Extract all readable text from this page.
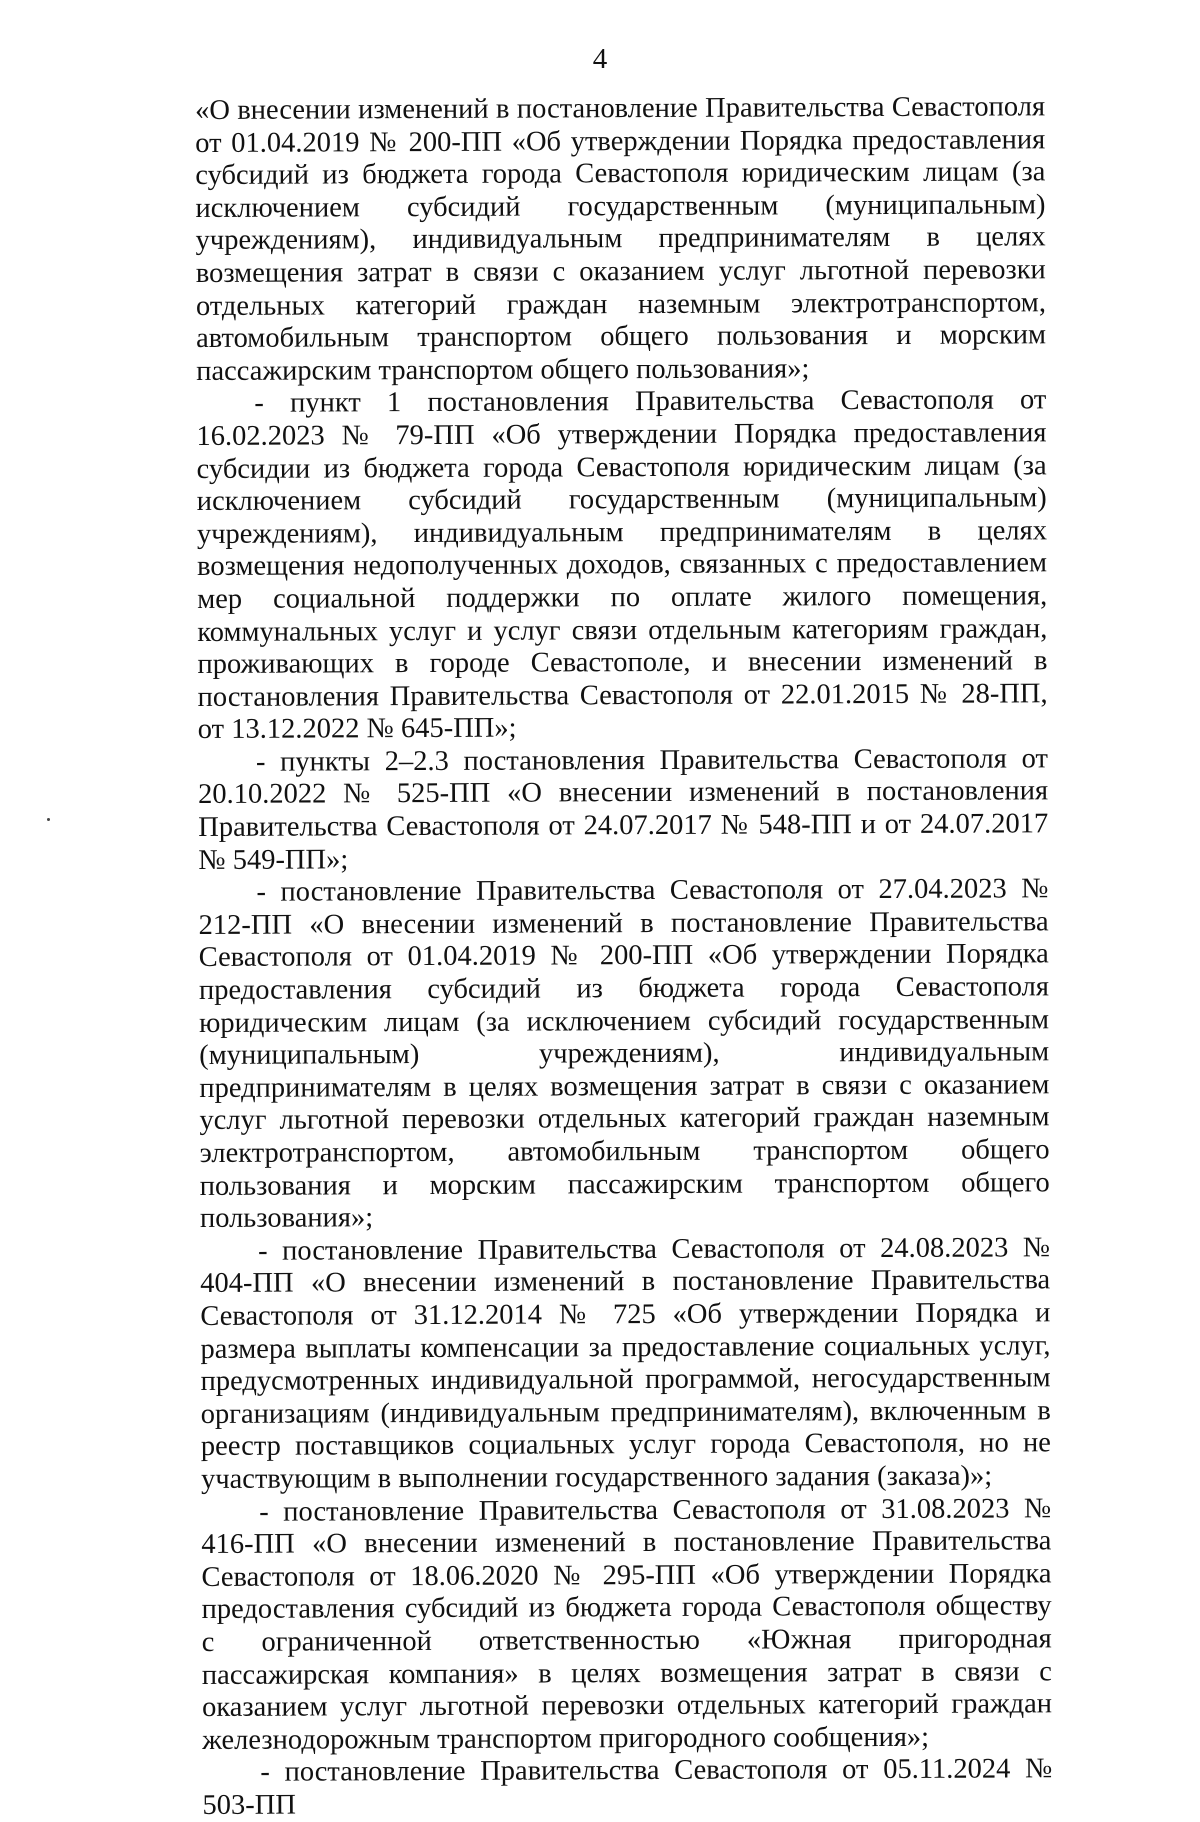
4

«О внесении изменений в постановление Правительства Севастополя от 01.04.2019 № 200-ПП «Об утверждении Порядка предоставления субсидий из бюджета города Севастополя юридическим лицам (за исключением субсидий государственным (муниципальным) учреждениям), индивидуальным предпринимателям в целях возмещения затрат в связи с оказанием услуг льготной перевозки отдельных категорий граждан наземным электротранспортом, автомобильным транспортом общего пользования и морским пассажирским транспортом общего пользования»;

- пункт 1 постановления Правительства Севастополя от 16.02.2023 № 79-ПП «Об утверждении Порядка предоставления субсидии из бюджета города Севастополя юридическим лицам (за исключением субсидий государственным (муниципальным) учреждениям), индивидуальным предпринимателям в целях возмещения недополученных доходов, связанных с предоставлением мер социальной поддержки по оплате жилого помещения, коммунальных услуг и услуг связи отдельным категориям граждан, проживающих в городе Севастополе, и внесении изменений в постановления Правительства Севастополя от 22.01.2015 № 28-ПП, от 13.12.2022 № 645-ПП»;

- пункты 2–2.3 постановления Правительства Севастополя от 20.10.2022 № 525-ПП «О внесении изменений в постановления Правительства Севастополя от 24.07.2017 № 548-ПП и от 24.07.2017 № 549-ПП»;

- постановление Правительства Севастополя от 27.04.2023 № 212-ПП «О внесении изменений в постановление Правительства Севастополя от 01.04.2019 № 200-ПП «Об утверждении Порядка предоставления субсидий из бюджета города Севастополя юридическим лицам (за исключением субсидий государственным (муниципальным) учреждениям), индивидуальным предпринимателям в целях возмещения затрат в связи с оказанием услуг льготной перевозки отдельных категорий граждан наземным электротранспортом, автомобильным транспортом общего пользования и морским пассажирским транспортом общего пользования»;

- постановление Правительства Севастополя от 24.08.2023 № 404-ПП «О внесении изменений в постановление Правительства Севастополя от 31.12.2014 № 725 «Об утверждении Порядка и размера выплаты компенсации за предоставление социальных услуг, предусмотренных индивидуальной программой, негосударственным организациям (индивидуальным предпринимателям), включенным в реестр поставщиков социальных услуг города Севастополя, но не участвующим в выполнении государственного задания (заказа)»;

- постановление Правительства Севастополя от 31.08.2023 № 416-ПП «О внесении изменений в постановление Правительства Севастополя от 18.06.2020 № 295-ПП «Об утверждении Порядка предоставления субсидий из бюджета города Севастополя обществу с ограниченной ответственностью «Южная пригородная пассажирская компания» в целях возмещения затрат в связи с оказанием услуг льготной перевозки отдельных категорий граждан железнодорожным транспортом пригородного сообщения»;

- постановление Правительства Севастополя от 05.11.2024 № 503-ПП
